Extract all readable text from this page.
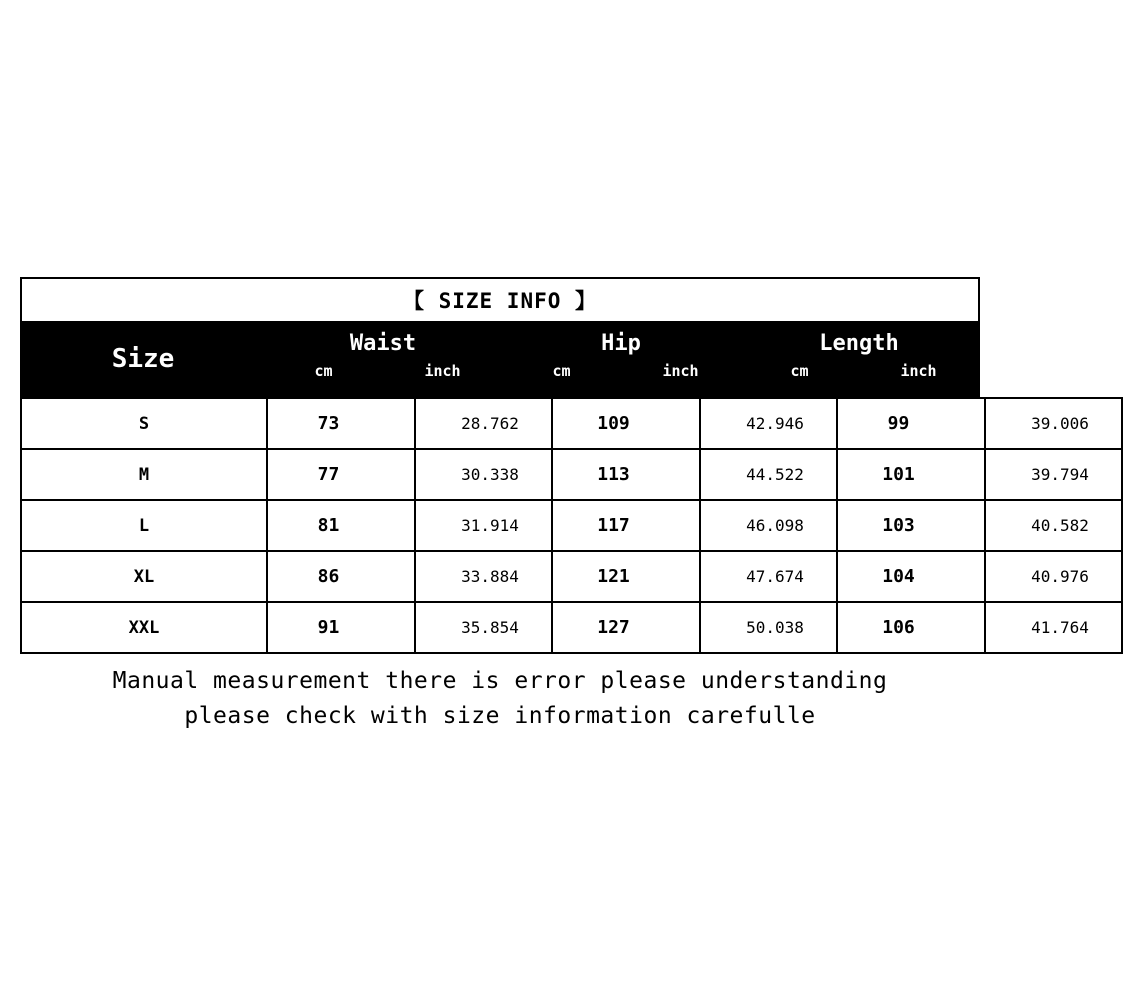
【 SIZE INFO 】
Size
Waist
cm	inch
Hip
cm	inch
Length
cm	inch
S	73	28.762	109	42.946	99	39.006
M	77	30.338	113	44.522	101	39.794
L	81	31.914	117	46.098	103	40.582
XL	86	33.884	121	47.674	104	40.976
XXL	91	35.854	127	50.038	106	41.764
Manual measurement there is error please understanding
please check with size information carefulle
